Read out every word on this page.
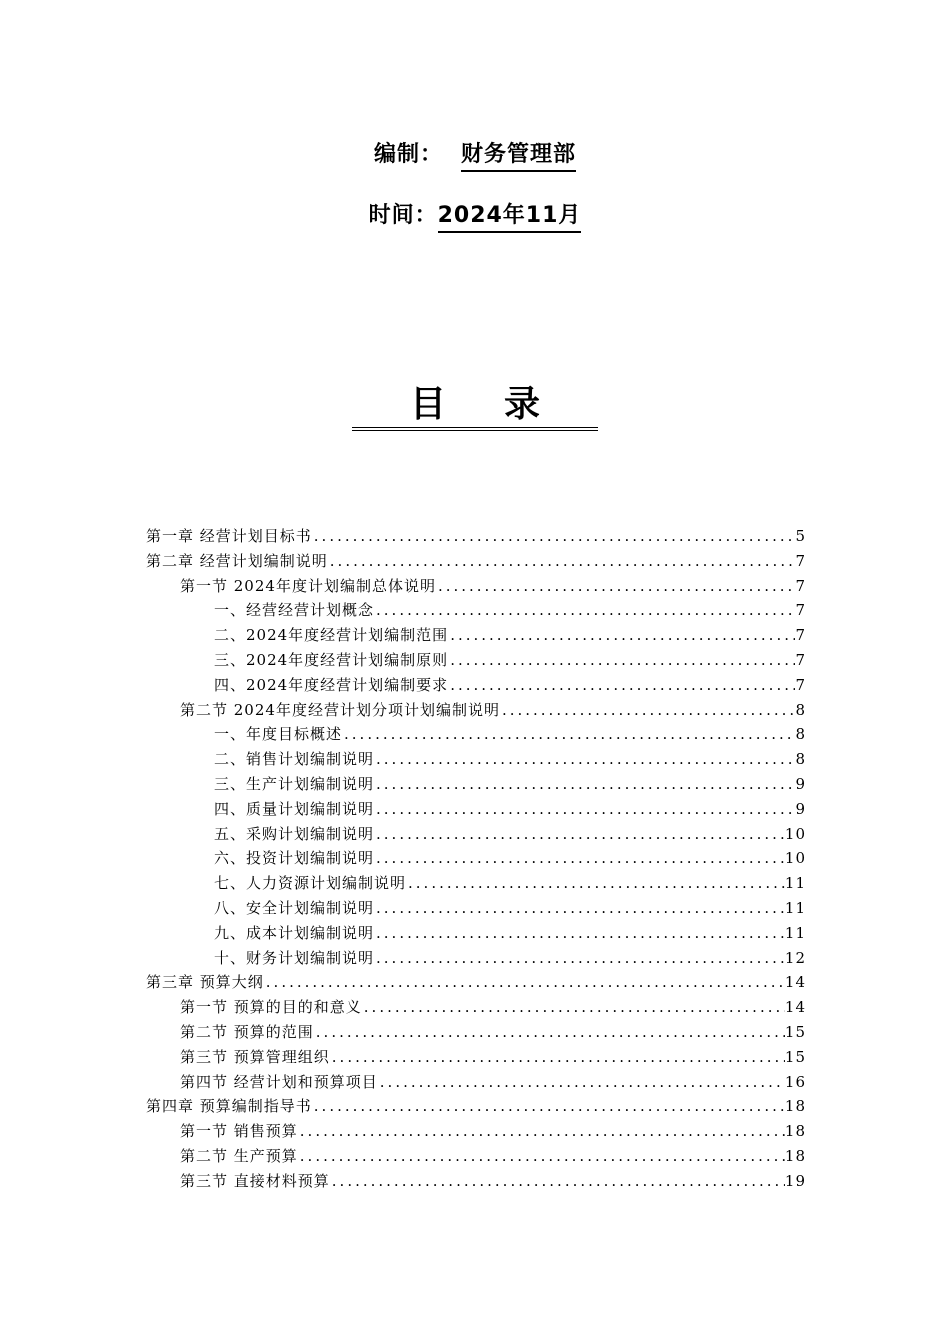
编制： 财务管理部
时间：2024年11月
目录
第一章 经营计划目标书 .....	5
第二章 经营计划编制说明 .....	7
第一节 2024年度计划编制总体说明 .....	7
一、经营经营计划概念 .....	7
二、2024年度经营计划编制范围 .....	7
三、2024年度经营计划编制原则 .....	7
四、2024年度经营计划编制要求 .....	7
第二节 2024年度经营计划分项计划编制说明 .....	8
一、年度目标概述 .....	8
二、销售计划编制说明 .....	8
三、生产计划编制说明 .....	9
四、质量计划编制说明 .....	9
五、采购计划编制说明 .....	10
六、投资计划编制说明 .....	10
七、人力资源计划编制说明 .....	11
八、安全计划编制说明 .....	11
九、成本计划编制说明 .....	11
十、财务计划编制说明 .....	12
第三章 预算大纲 .....	14
第一节 预算的目的和意义 .....	14
第二节 预算的范围 .....	15
第三节 预算管理组织 .....	15
第四节 经营计划和预算项目 .....	16
第四章 预算编制指导书 .....	18
第一节 销售预算 .....	18
第二节 生产预算 .....	18
第三节 直接材料预算 .....	19
